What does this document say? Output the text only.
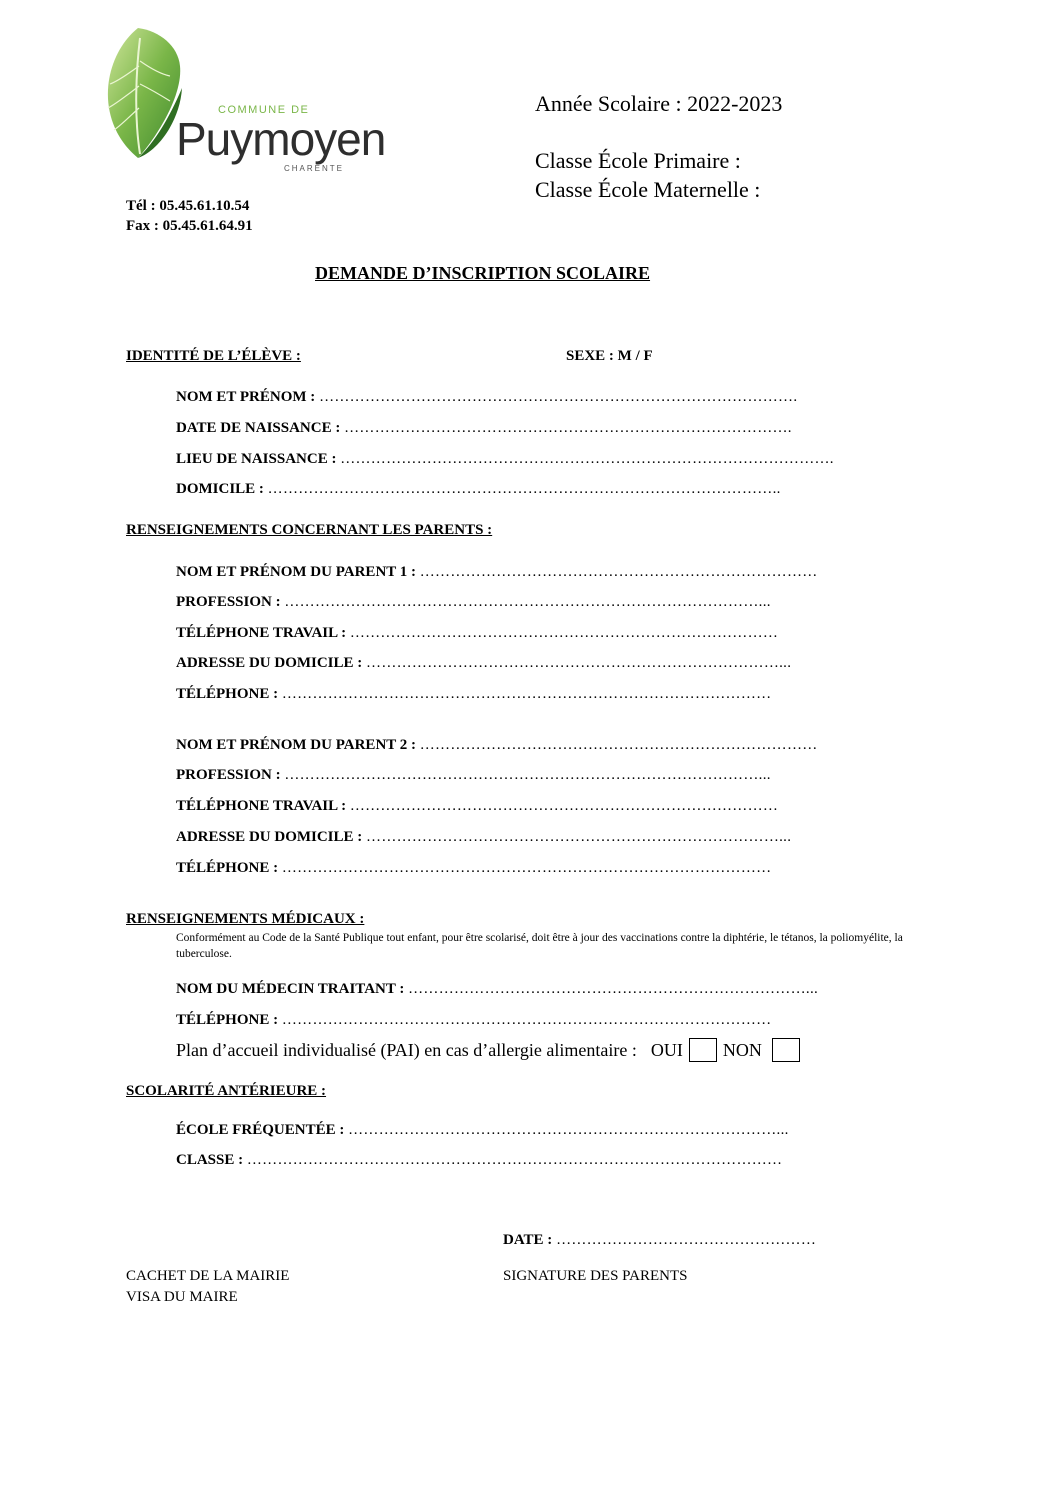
COMMUNE DE
Puymoyen
CHARENTE
Tél : 05.45.61.10.54
Fax : 05.45.61.64.91
Année Scolaire : 2022-2023
Classe École Primaire :
Classe École Maternelle :
DEMANDE D’INSCRIPTION SCOLAIRE
IDENTITÉ DE L’ÉLÈVE :	SEXE : M / F
NOM ET PRÉNOM : ………………………………………………………………………………….
DATE DE NAISSANCE : …………………………………………………………………………….
LIEU DE NAISSANCE : …………………………………………………………………………………….
DOMICILE : ………………………………………………………………………………………..
RENSEIGNEMENTS CONCERNANT LES PARENTS :
NOM ET PRÉNOM DU PARENT 1 : ……………………………………………………………………
PROFESSION : …………………………………………………………………………………...
TÉLÉPHONE TRAVAIL : …………………………………………………………………………
ADRESSE DU DOMICILE : ………………………………………………………………………...
TÉLÉPHONE : ……………………………………………………………………………………
NOM ET PRÉNOM DU PARENT 2 : ……………………………………………………………………
PROFESSION : …………………………………………………………………………………...
TÉLÉPHONE TRAVAIL : …………………………………………………………………………
ADRESSE DU DOMICILE : ………………………………………………………………………...
TÉLÉPHONE : ……………………………………………………………………………………
RENSEIGNEMENTS MÉDICAUX :
Conformément au Code de la Santé Publique tout enfant, pour être scolarisé, doit être à jour des vaccinations contre la diphtérie, le tétanos, la poliomyélite, la tuberculose.
NOM DU MÉDECIN TRAITANT : ……………………………………………………………………...
TÉLÉPHONE : ……………………………………………………………………………………
Plan d’accueil individualisé (PAI) en cas d’allergie alimentaire : OUI NON
SCOLARITÉ ANTÉRIEURE :
ÉCOLE FRÉQUENTÉE : …………………………………………………………………………...
CLASSE : ……………………………………………………………………………………………
DATE : ……………………………………………
CACHET DE LA MAIRIE
VISA DU MAIRE
SIGNATURE DES PARENTS
